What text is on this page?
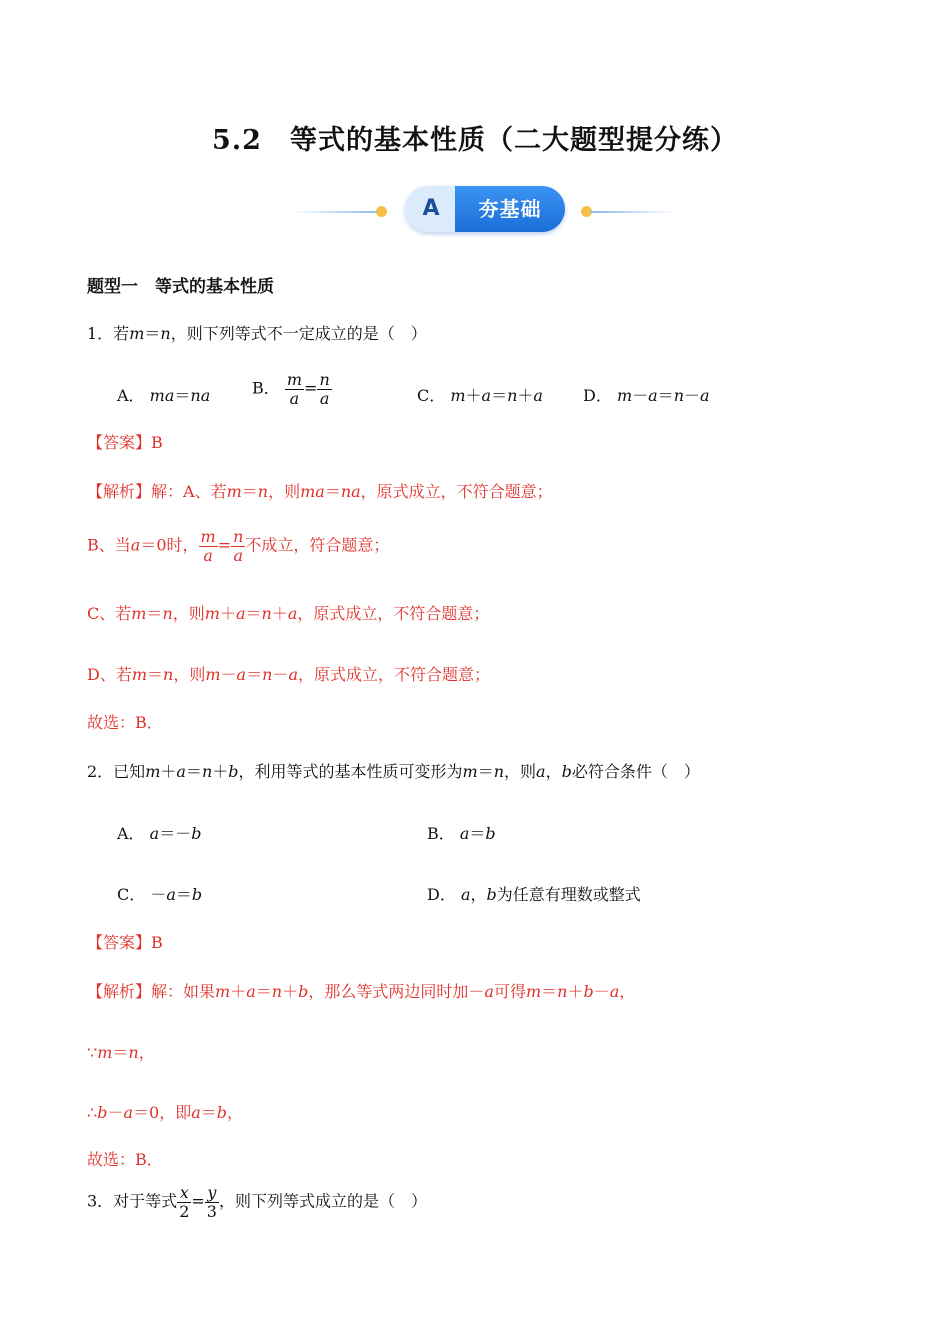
5.2　等式的基本性质（二大题型提分练）
A	夯基础
题型一　等式的基本性质
1．若m＝n，则下列等式不一定成立的是（　）
A． ma＝na	B． $\frac{m}{a} = \frac{n}{a}$	C． m＋a＝n＋a	D． m－a＝n－a
【答案】B
【解析】解：A、若m＝n，则ma＝na，原式成立，不符合题意；
B、当a＝0时， $\frac{m}{a} = \frac{n}{a}$ 不成立，符合题意；
C、若m＝n，则m＋a＝n＋a，原式成立，不符合题意；
D、若m＝n，则m－a＝n－a，原式成立，不符合题意；
故选：B．
2．已知m＋a＝n＋b，利用等式的基本性质可变形为m＝n，则a，b必符合条件（　）
A． a＝－b	B． a＝b
C． －a＝b	D． a，b为任意有理数或整式
【答案】B
【解析】解：如果m＋a＝n＋b，那么等式两边同时加－a可得m＝n＋b－a，
∵m＝n，
∴b－a＝0，即a＝b，
故选：B．
3．对于等式 $\frac{x}{2} = \frac{y}{3}$ ，则下列等式成立的是（　）
